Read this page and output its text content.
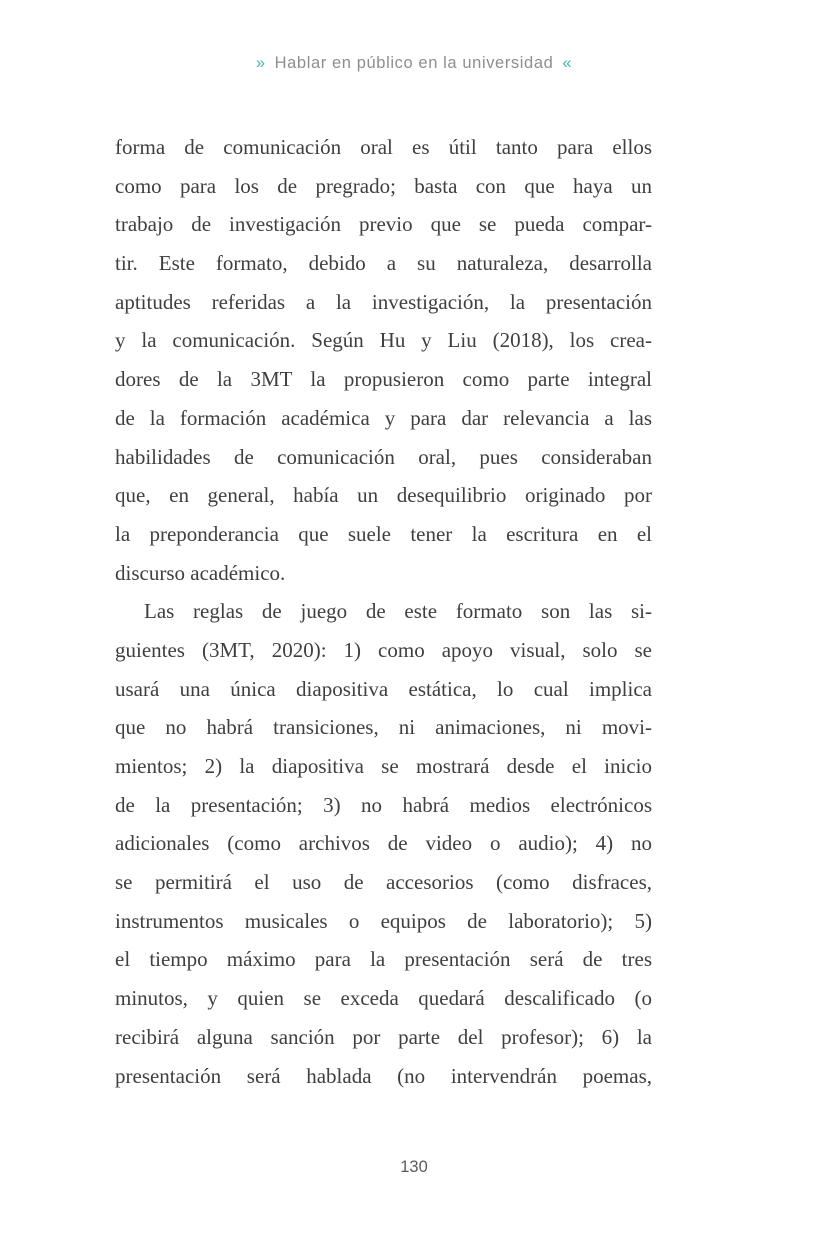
» Hablar en público en la universidad «
forma de comunicación oral es útil tanto para ellos
como para los de pregrado; basta con que haya un
trabajo de investigación previo que se pueda compar-
tir. Este formato, debido a su naturaleza, desarrolla
aptitudes referidas a la investigación, la presentación
y la comunicación. Según Hu y Liu (2018), los crea-
dores de la 3MT la propusieron como parte integral
de la formación académica y para dar relevancia a las
habilidades de comunicación oral, pues consideraban
que, en general, había un desequilibrio originado por
la preponderancia que suele tener la escritura en el
discurso académico.
Las reglas de juego de este formato son las si-
guientes (3MT, 2020): 1) como apoyo visual, solo se
usará una única diapositiva estática, lo cual implica
que no habrá transiciones, ni animaciones, ni movi-
mientos; 2) la diapositiva se mostrará desde el inicio
de la presentación; 3) no habrá medios electrónicos
adicionales (como archivos de video o audio); 4) no
se permitirá el uso de accesorios (como disfraces,
instrumentos musicales o equipos de laboratorio); 5)
el tiempo máximo para la presentación será de tres
minutos, y quien se exceda quedará descalificado (o
recibirá alguna sanción por parte del profesor); 6) la
presentación será hablada (no intervendrán poemas,
130
